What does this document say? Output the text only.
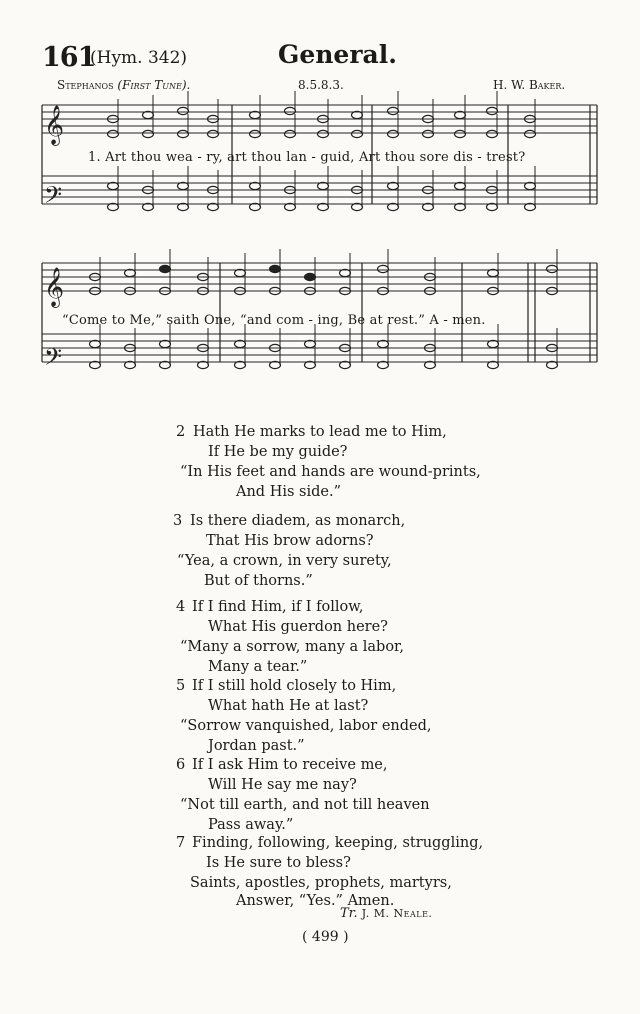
161
(Hym. 342)	General.
Stephanos (First Tune).	8.5.8.3.	H. W. Baker.
𝄞
𝄢
𝄞
𝄢
1. Art thou wea - ry, art thou lan - guid, Art thou sore dis - trest?
“Come to Me,” saith One, “and com - ing, Be at rest.” A - men.
2 Hath He marks to lead me to Him,
If He be my guide?
“In His feet and hands are wound-prints,
And His side.”
3 Is there diadem, as monarch,
That His brow adorns?
“Yea, a crown, in very surety,
But of thorns.”
4 If I find Him, if I follow,
What His guerdon here?
“Many a sorrow, many a labor,
Many a tear.”
5 If I still hold closely to Him,
What hath He at last?
“Sorrow vanquished, labor ended,
Jordan past.”
6 If I ask Him to receive me,
Will He say me nay?
“Not till earth, and not till heaven
Pass away.”
7 Finding, following, keeping, struggling,
Is He sure to bless?
Saints, apostles, prophets, martyrs,
Answer, “Yes.” Amen.
Tr. J. M. Neale.
( 499 )
